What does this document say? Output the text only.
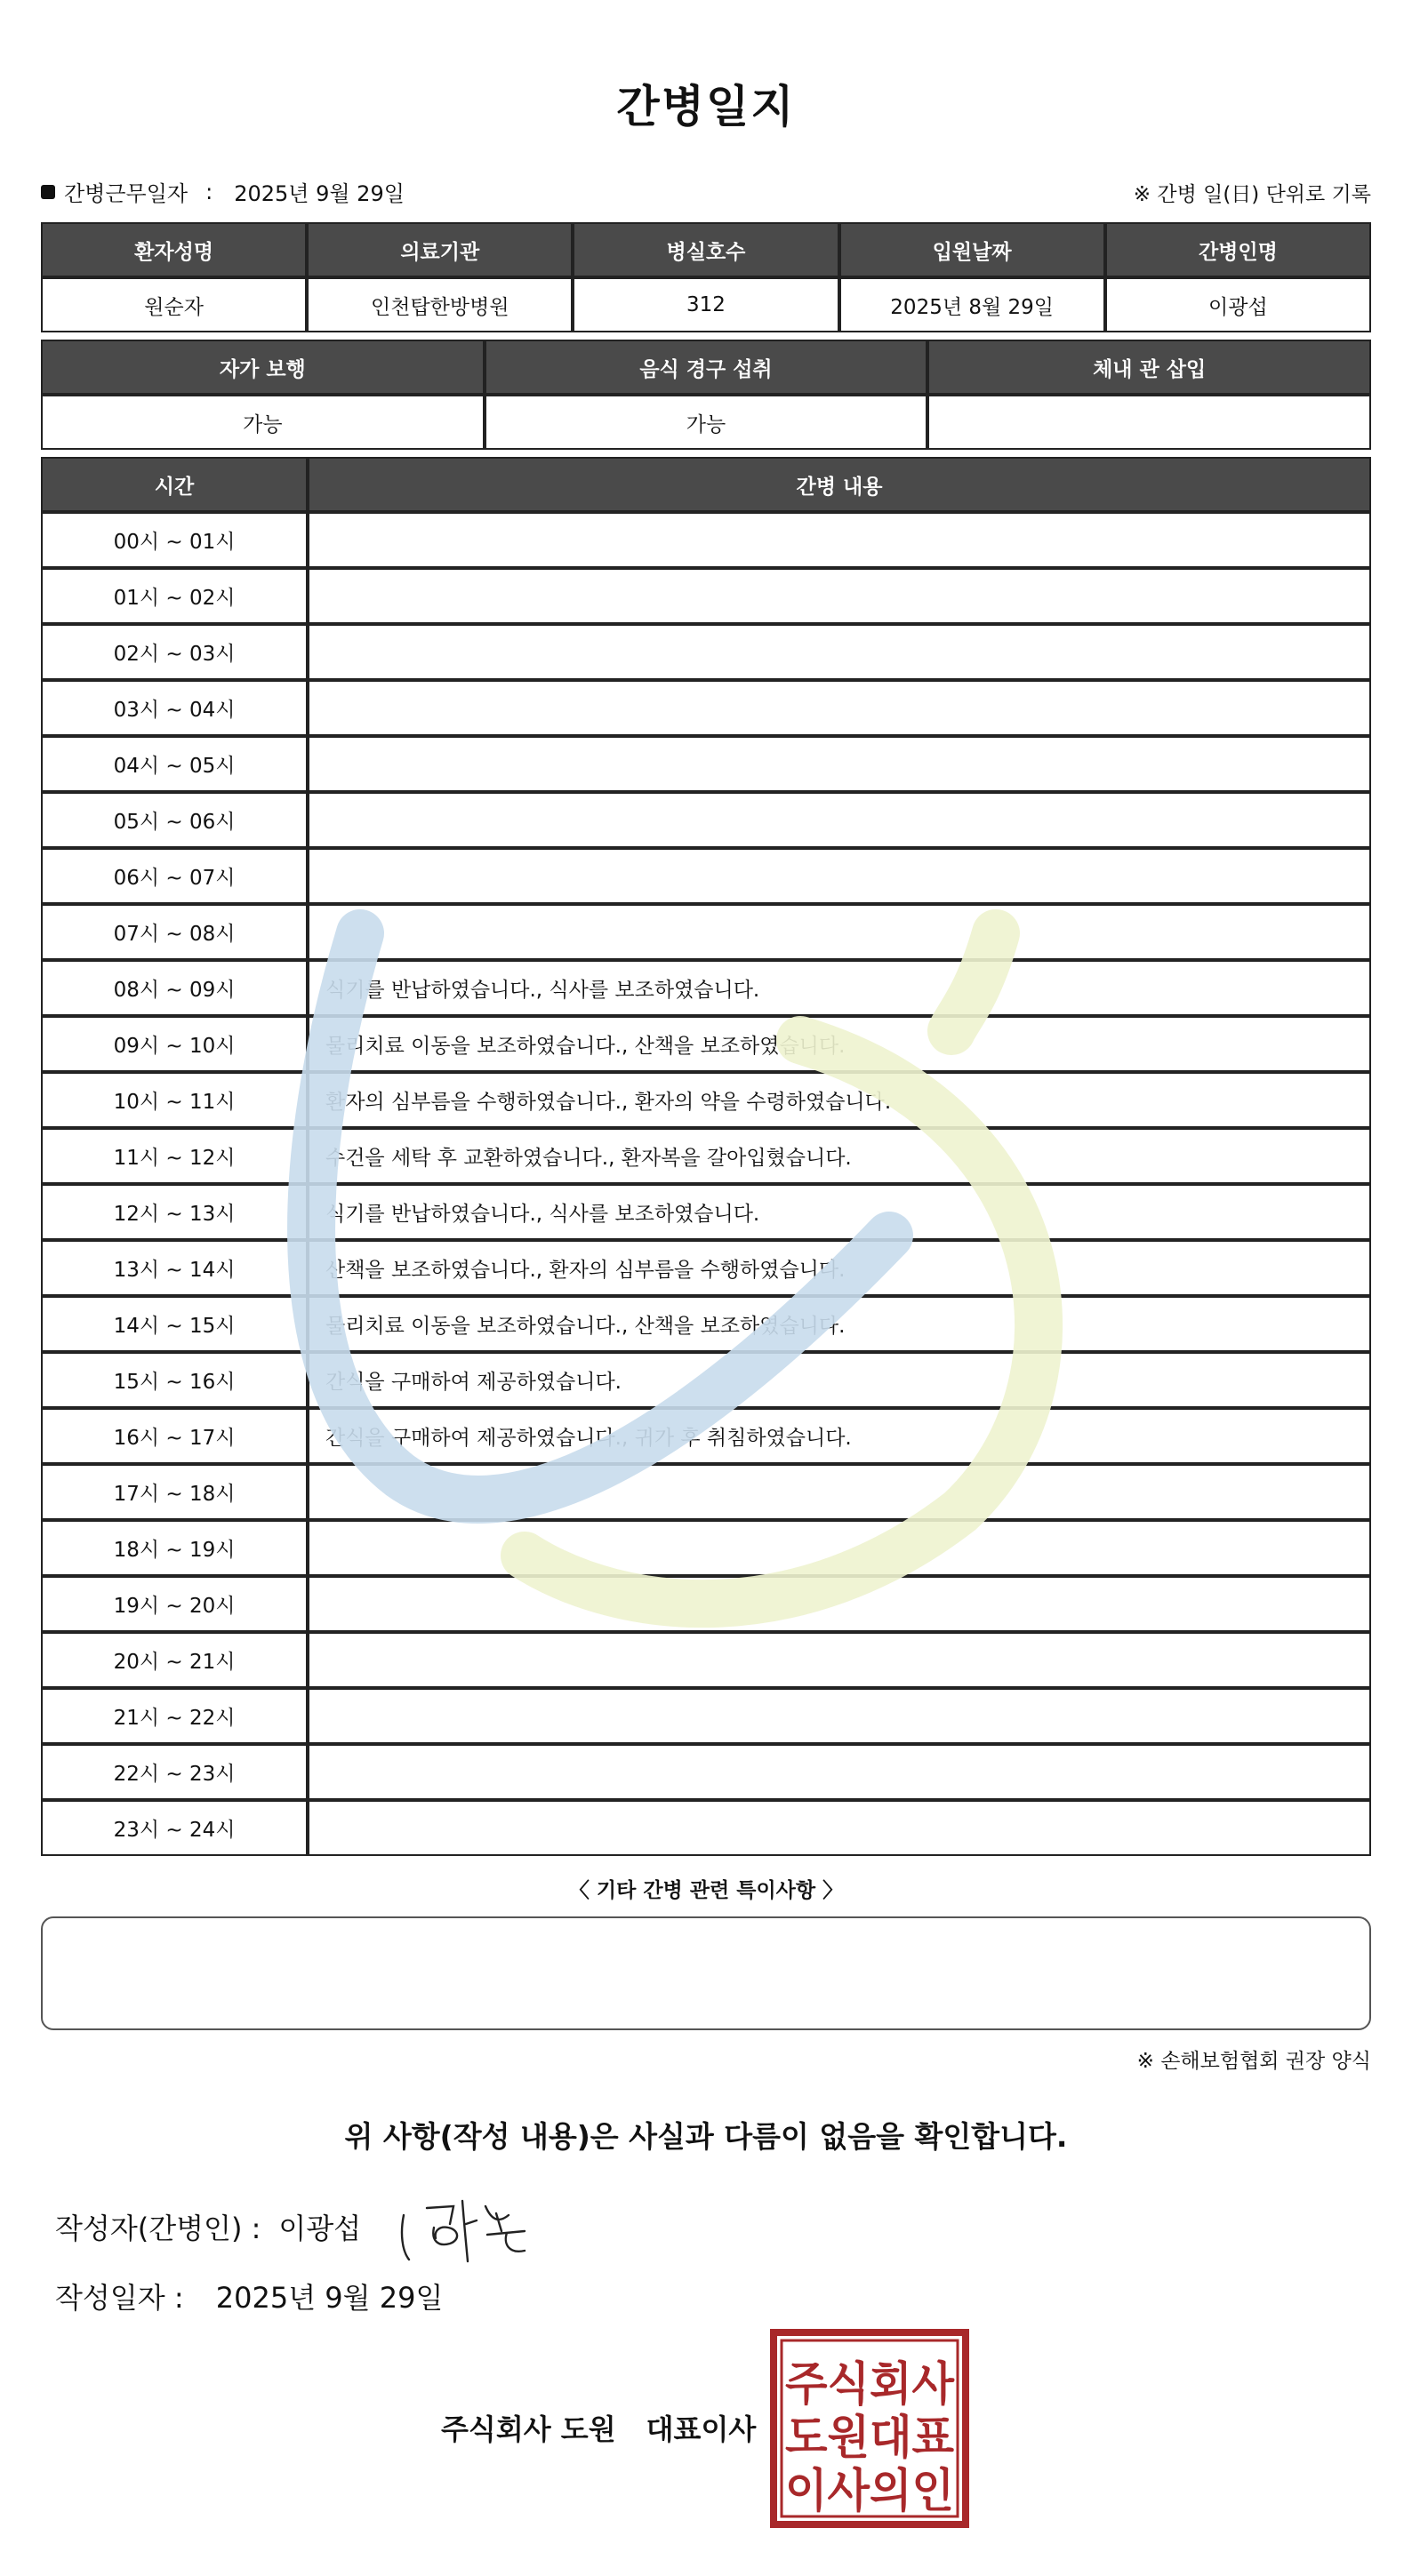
간병일지
간병근무일자 : 2025년 9월 29일	※ 간병 일(日) 단위로 기록
환자성명	의료기관	병실호수	입원날짜	간병인명
원순자	인천탑한방병원	312	2025년 8월 29일	이광섭
자가 보행	음식 경구 섭취	체내 관 삽입
가능	가능	
시간	간병 내용
00시 ~ 01시	
01시 ~ 02시	
02시 ~ 03시	
03시 ~ 04시	
04시 ~ 05시	
05시 ~ 06시	
06시 ~ 07시	
07시 ~ 08시	
08시 ~ 09시	식기를 반납하였습니다., 식사를 보조하였습니다.
09시 ~ 10시	물리치료 이동을 보조하였습니다., 산책을 보조하였습니다.
10시 ~ 11시	환자의 심부름을 수행하였습니다., 환자의 약을 수령하였습니다.
11시 ~ 12시	수건을 세탁 후 교환하였습니다., 환자복을 갈아입혔습니다.
12시 ~ 13시	식기를 반납하였습니다., 식사를 보조하였습니다.
13시 ~ 14시	산책을 보조하였습니다., 환자의 심부름을 수행하였습니다.
14시 ~ 15시	물리치료 이동을 보조하였습니다., 산책을 보조하였습니다.
15시 ~ 16시	간식을 구매하여 제공하였습니다.
16시 ~ 17시	간식을 구매하여 제공하였습니다., 귀가 후 취침하였습니다.
17시 ~ 18시	
18시 ~ 19시	
19시 ~ 20시	
20시 ~ 21시	
21시 ~ 22시	
22시 ~ 23시	
23시 ~ 24시	
〈 기타 간병 관련 특이사항 〉
※ 손해보험협회 권장 양식
위 사항(작성 내용)은 사실과 다름이 없음을 확인합니다.
작성자(간병인) : 이광섭
작성일자 : 2025년 9월 29일
주식회사 도원 대표이사
주식회사
도원대표
이사의인
